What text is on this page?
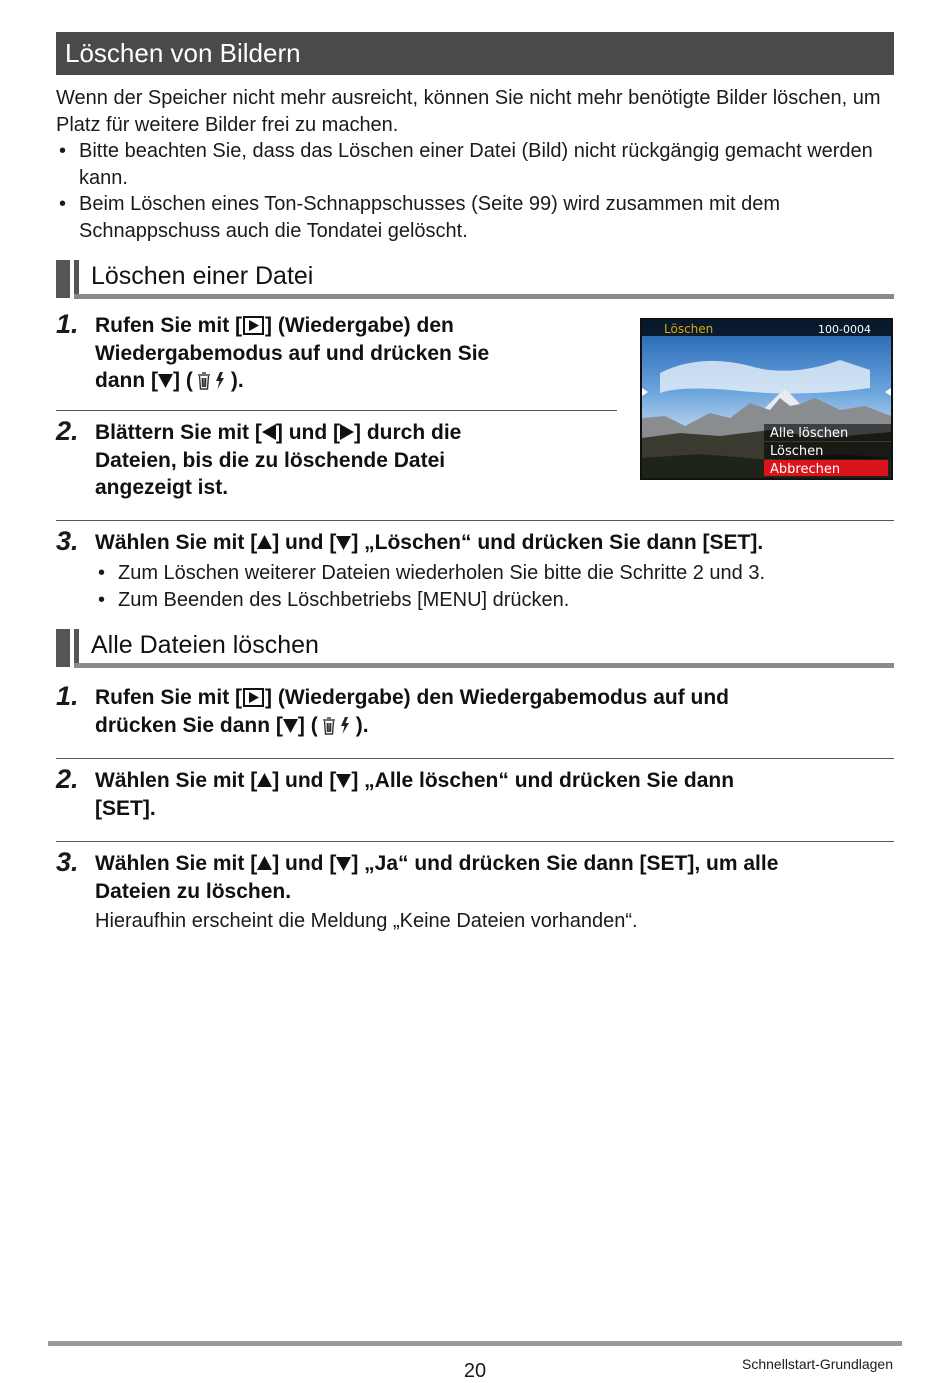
Löschen von Bildern
Wenn der Speicher nicht mehr ausreicht, können Sie nicht mehr benötigte Bilder löschen, um Platz für weitere Bilder frei zu machen.
• Bitte beachten Sie, dass das Löschen einer Datei (Bild) nicht rückgängig gemacht werden kann.
• Beim Löschen eines Ton-Schnappschusses (Seite 99) wird zusammen mit dem Schnappschuss auch die Tondatei gelöscht.
Löschen einer Datei
1. Rufen Sie mit [ ] (Wiedergabe) den
Wiedergabemodus auf und drücken Sie
dann [ ] ( ).
2. Blättern Sie mit [ ] und [ ] durch die
Dateien, bis die zu löschende Datei
angezeigt ist.
Löschen	100-0004
Alle löschen
Löschen
Abbrechen
3. Wählen Sie mit [ ] und [ ] „Löschen“ und drücken Sie dann [SET].
• Zum Löschen weiterer Dateien wiederholen Sie bitte die Schritte 2 und 3.
• Zum Beenden des Löschbetriebs [MENU] drücken.
Alle Dateien löschen
1. Rufen Sie mit [ ] (Wiedergabe) den Wiedergabemodus auf und
drücken Sie dann [ ] ( ).
2. Wählen Sie mit [ ] und [ ] „Alle löschen“ und drücken Sie dann
[SET].
3. Wählen Sie mit [ ] und [ ] „Ja“ und drücken Sie dann [SET], um alle
Dateien zu löschen.
Hieraufhin erscheint die Meldung „Keine Dateien vorhanden“.
20	Schnellstart-Grundlagen
